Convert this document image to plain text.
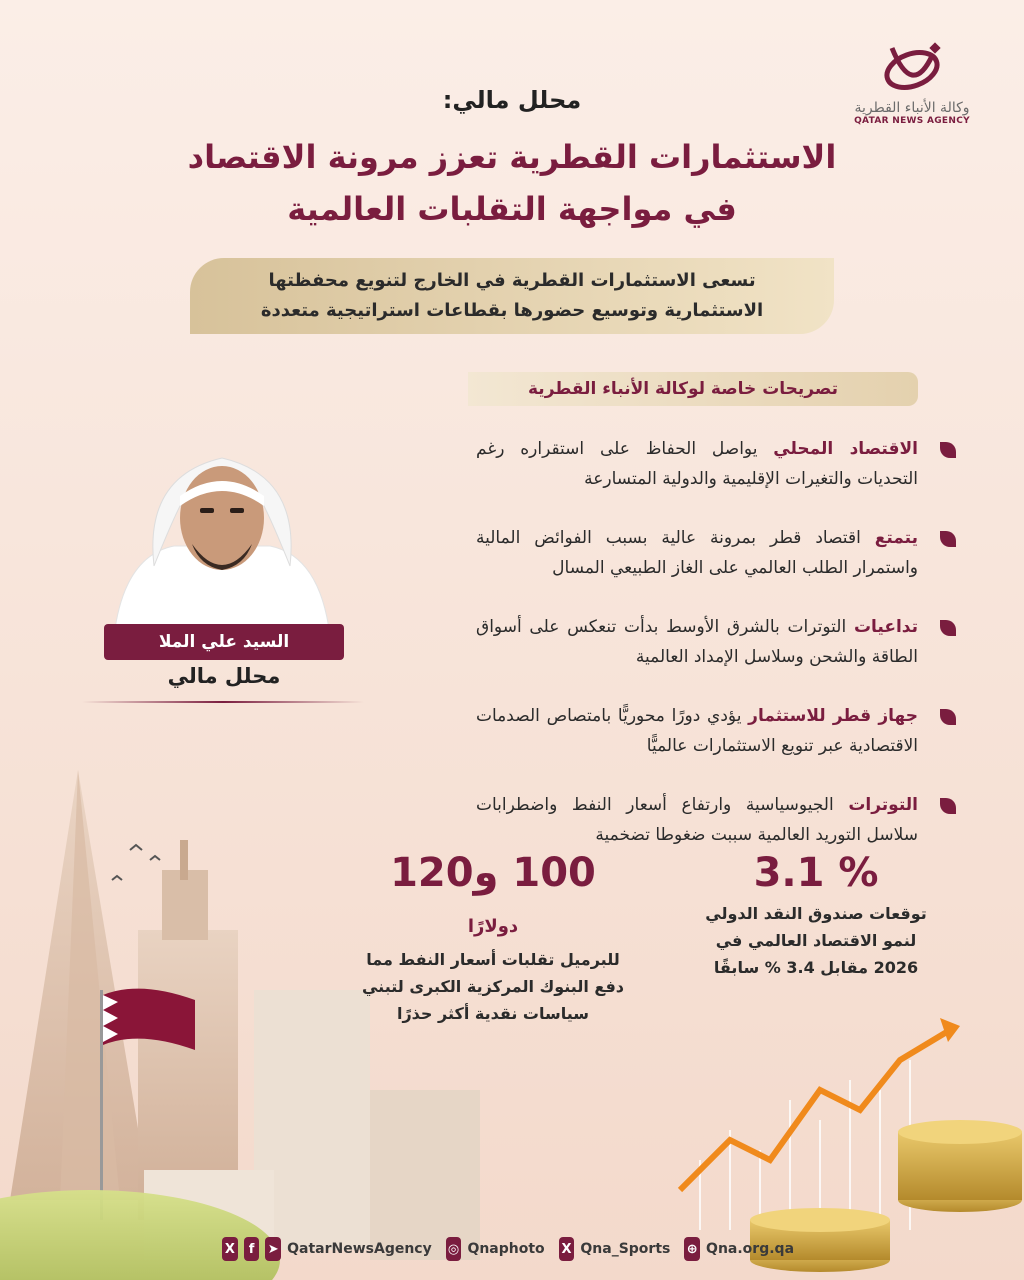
وكالة الأنباء القطرية
QATAR NEWS AGENCY
محلل مالي:
الاستثمارات القطرية تعزز مرونة الاقتصاد
في مواجهة التقلبات العالمية
تسعى الاستثمارات القطرية في الخارج لتنويع محفظتها
الاستثمارية وتوسيع حضورها بقطاعات استراتيجية متعددة
تصريحات خاصة لوكالة الأنباء القطرية
الاقتصاد المحلي يواصل الحفاظ على استقراره رغم التحديات والتغيرات الإقليمية والدولية المتسارعة
يتمتع اقتصاد قطر بمرونة عالية بسبب الفوائض المالية واستمرار الطلب العالمي على الغاز الطبيعي المسال
تداعيات التوترات بالشرق الأوسط بدأت تنعكس على أسواق الطاقة والشحن وسلاسل الإمداد العالمية
جهاز قطر للاستثمار يؤدي دورًا محوريًّا بامتصاص الصدمات الاقتصادية عبر تنويع الاستثمارات عالميًّا
التوترات الجيوسياسية وارتفاع أسعار النفط واضطرابات سلاسل التوريد العالمية سببت ضغوطا تضخمية
السيد علي الملا
محلل مالي
3.1 %
توقعات صندوق النقد الدولي
لنمو الاقتصاد العالمي في
2026 مقابل 3.4 % سابقًا
100 و120 دولارًا
للبرميل تقلبات أسعار النفط مما
دفع البنوك المركزية الكبرى لتبني
سياسات نقدية أكثر حذرًا
X	f	➤ QatarNewsAgency ◎ Qnaphoto X Qna_Sports ⊕ Qna.org.qa
